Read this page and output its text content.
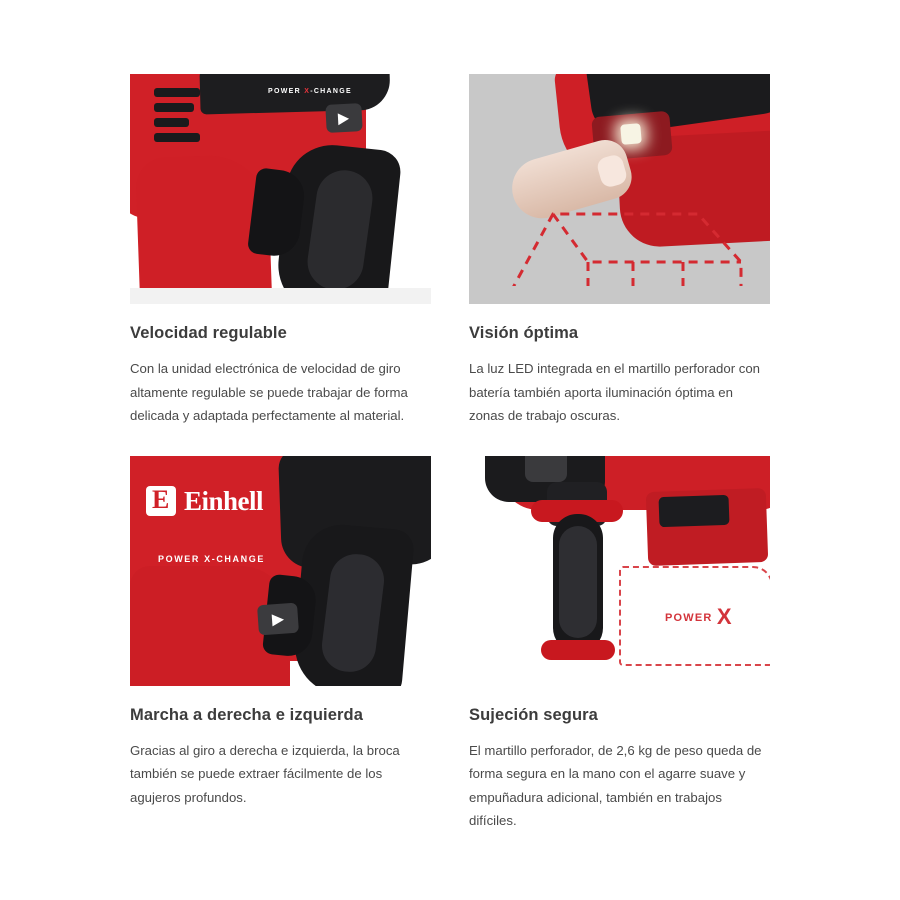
POWER X-CHANGE
Velocidad regulable
Con la unidad electrónica de velocidad de giro altamente regulable se puede trabajar de forma delicada y adaptada perfectamente al material.
Visión óptima
La luz LED integrada en el martillo perforador con batería también aporta iluminación óptima en zonas de trabajo oscuras.
E
Einhell
POWER X-CHANGE
Marcha a derecha e izquierda
Gracias al giro a derecha e izquierda, la broca también se puede extraer fácilmente de los agujeros profundos.
POWER X
Sujeción segura
El martillo perforador, de 2,6 kg de peso queda de forma segura en la mano con el agarre suave y empuñadura adicional, también en trabajos difíciles.
